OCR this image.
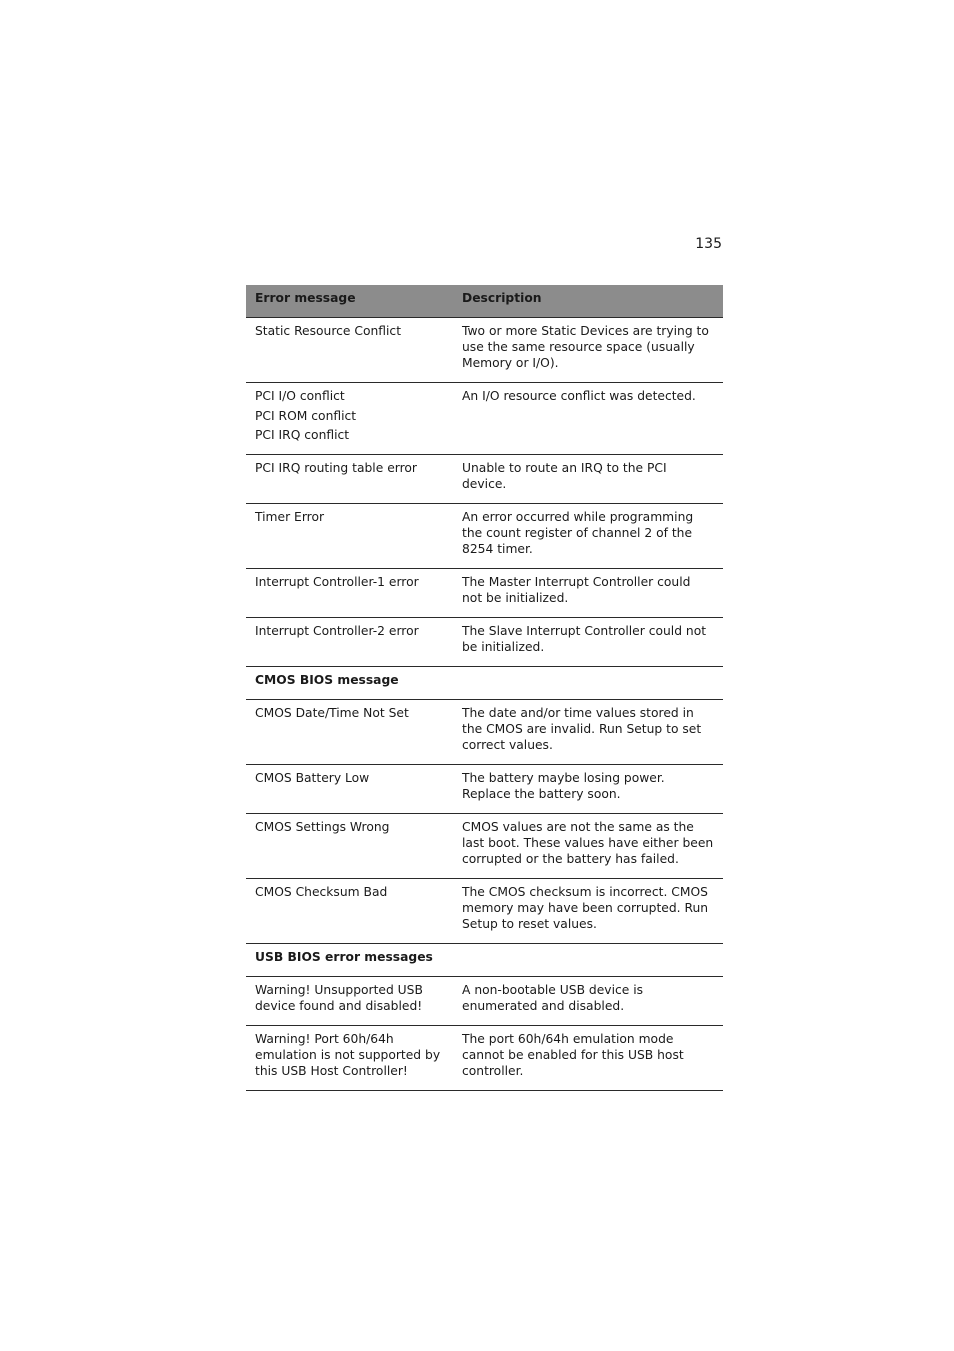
135
Error message	Description

Static Resource Conflict	Two or more Static Devices are trying to use the same resource space (usually Memory or I/O).

PCI I/O conflict
PCI ROM conflict
PCI IRQ conflict	An I/O resource conflict was detected.

PCI IRQ routing table error	Unable to route an IRQ to the PCI device.

Timer Error	An error occurred while programming the count register of channel 2 of the 8254 timer.

Interrupt Controller-1 error	The Master Interrupt Controller could not be initialized.

Interrupt Controller-2 error	The Slave Interrupt Controller could not be initialized.
CMOS BIOS message	

CMOS Date/Time Not Set	The date and/or time values stored in the CMOS are invalid. Run Setup to set correct values.

CMOS Battery Low	The battery maybe losing power. Replace the battery soon.

CMOS Settings Wrong	CMOS values are not the same as the last boot. These values have either been corrupted or the battery has failed.

CMOS Checksum Bad	The CMOS checksum is incorrect. CMOS memory may have been corrupted. Run Setup to reset values.
USB BIOS error messages	

Warning! Unsupported USB device found and disabled!	A non-bootable USB device is enumerated and disabled.

Warning! Port 60h/64h emulation is not supported by this USB Host Controller!	The port 60h/64h emulation mode cannot be enabled for this USB host controller.
